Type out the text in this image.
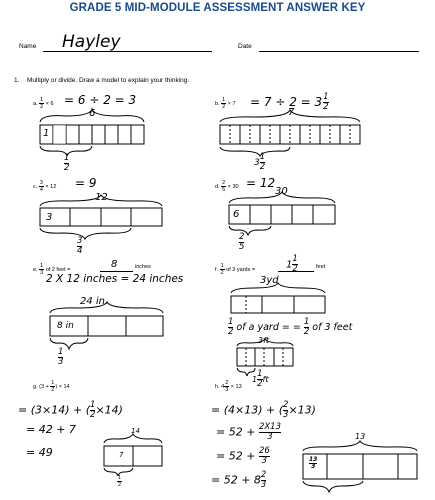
GRADE 5 MID-MODULE ASSESSMENT ANSWER KEY
Name Hayley	Date
1. Multiply or divide. Draw a model to explain your thinking.
a. $\frac{1}{2} \times 6 = 6 \div 2 = 3$
6
1
$\frac{1}{2}$
b. $\frac{1}{2} \times 7 = 7 \div 2 = 3 \frac{1}{2}$
7
$3 \frac{1}{2}$
c. $\frac{3}{4} \times 12 = 9$
12
3
$\frac{3}{4}$
d. $\frac{2}{5} \times 30 = 12$
30
6
$\frac{2}{5}$
e. $\frac{1}{3}$ of 2 feet =	8	inches
2 X 12 inches = 24 inches
24 in.
8 in
$\frac{1}{3}$
f. $\frac{1}{2}$ of 3 yards =	$1 \frac{1}{2}$	feet
3yd
$\frac{1}{2}$ of a yard = = $\frac{1}{2}$ of 3 feet
3ft
$1 \frac{1}{2}ft$
g. ($3 + \frac{1}{2}$ ) × 14
= (3×14) + ( $\frac{1}{2}\times 14$)
= 42 + 7
= 49
14
7
$\frac{1}{2}$
h. $4 \frac{2}{3} \times 13$
= (4×13) + ( $\frac{2}{3}\times 13$)
= $52 + \frac{2X13}{3}$
= $52 + \frac{26}{3}$
= $52 + 8 \frac{2}{3}$
13
$\frac{13}{3}$
